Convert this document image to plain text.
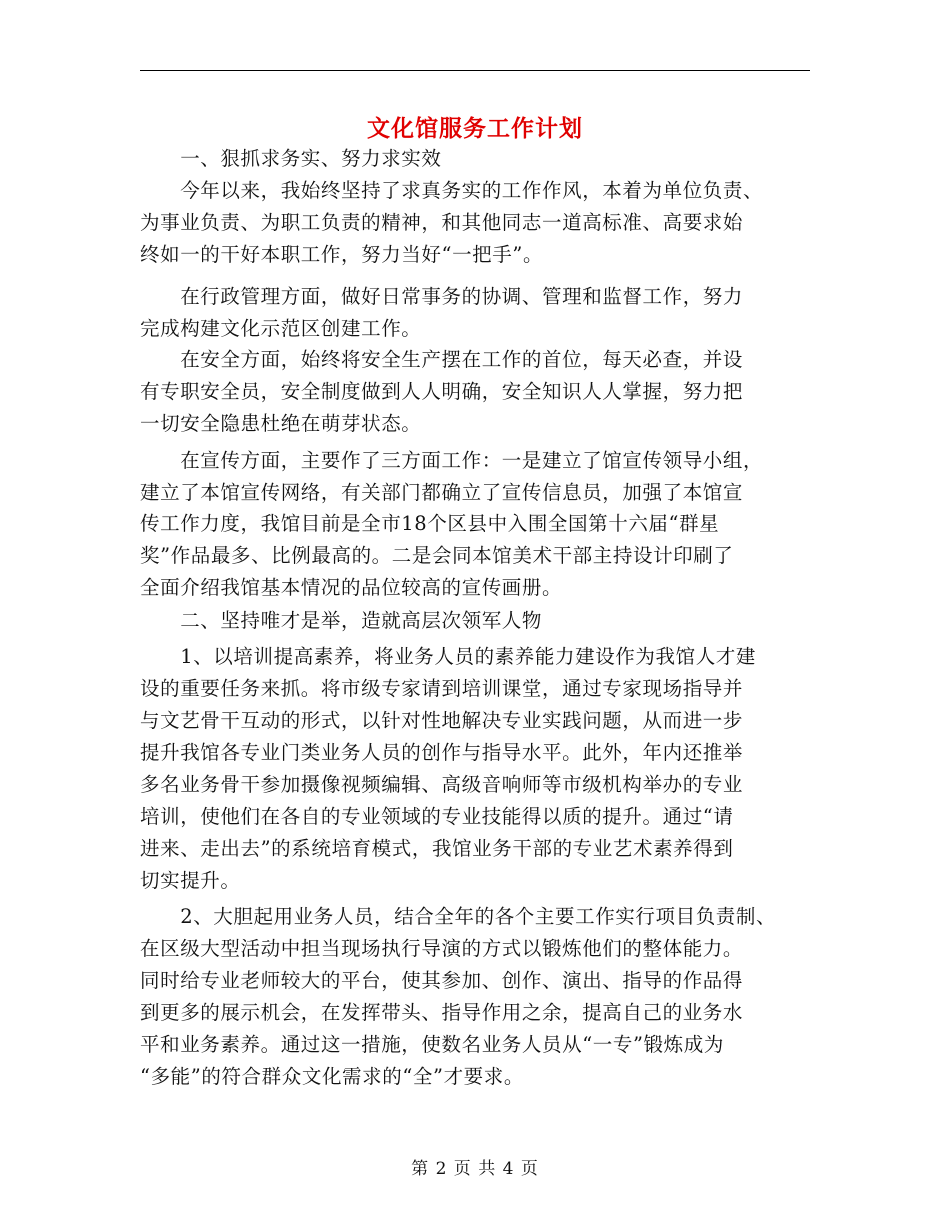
文化馆服务工作计划
　　一、狠抓求务实、努力求实效
　　今年以来，我始终坚持了求真务实的工作作风，本着为单位负责、
为事业负责、为职工负责的精神，和其他同志一道高标准、高要求始
终如一的干好本职工作，努力当好“一把手”。
　　在行政管理方面，做好日常事务的协调、管理和监督工作，努力
完成构建文化示范区创建工作。
　　在安全方面，始终将安全生产摆在工作的首位，每天必查，并设
有专职安全员，安全制度做到人人明确，安全知识人人掌握，努力把
一切安全隐患杜绝在萌芽状态。
　　在宣传方面，主要作了三方面工作：一是建立了馆宣传领导小组，
建立了本馆宣传网络，有关部门都确立了宣传信息员，加强了本馆宣
传工作力度，我馆目前是全市18个区县中入围全国第十六届“群星
奖”作品最多、比例最高的。二是会同本馆美术干部主持设计印刷了
全面介绍我馆基本情况的品位较高的宣传画册。
　　二、坚持唯才是举，造就高层次领军人物
　　1、以培训提高素养，将业务人员的素养能力建设作为我馆人才建
设的重要任务来抓。将市级专家请到培训课堂，通过专家现场指导并
与文艺骨干互动的形式，以针对性地解决专业实践问题，从而进一步
提升我馆各专业门类业务人员的创作与指导水平。此外，年内还推举
多名业务骨干参加摄像视频编辑、高级音响师等市级机构举办的专业
培训，使他们在各自的专业领域的专业技能得以质的提升。通过“请
进来、走出去”的系统培育模式，我馆业务干部的专业艺术素养得到
切实提升。
　　2、大胆起用业务人员，结合全年的各个主要工作实行项目负责制、
在区级大型活动中担当现场执行导演的方式以锻炼他们的整体能力。
同时给专业老师较大的平台，使其参加、创作、演出、指导的作品得
到更多的展示机会，在发挥带头、指导作用之余，提高自己的业务水
平和业务素养。通过这一措施，使数名业务人员从“一专”锻炼成为
“多能”的符合群众文化需求的“全”才要求。
第 2 页 共 4 页
